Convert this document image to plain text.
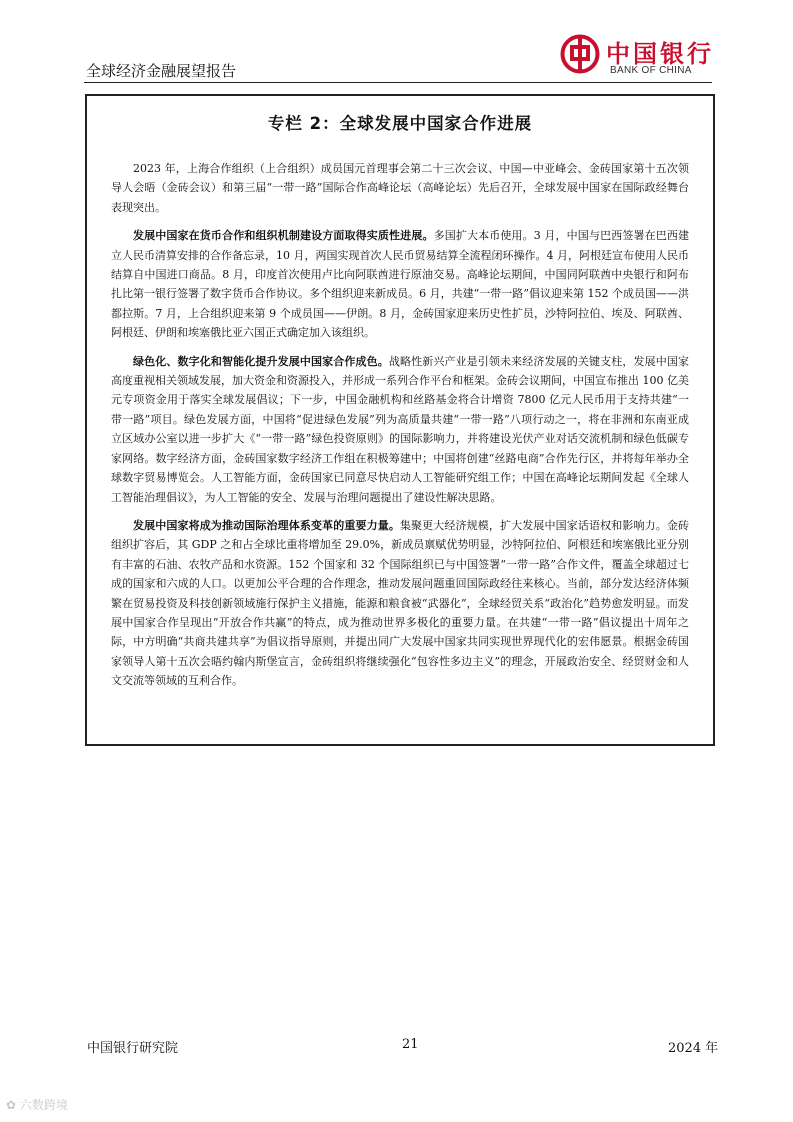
全球经济金融展望报告
中国银行
BANK OF CHINA
专栏 2：全球发展中国家合作进展

2023 年，上海合作组织（上合组织）成员国元首理事会第二十三次会议、中国—中亚峰会、金砖国家第十五次领导人会晤（金砖会议）和第三届“一带一路”国际合作高峰论坛（高峰论坛）先后召开，全球发展中国家在国际政经舞台表现突出。

发展中国家在货币合作和组织机制建设方面取得实质性进展。多国扩大本币使用。3 月，中国与巴西签署在巴西建立人民币清算安排的合作备忘录，10 月，两国实现首次人民币贸易结算全流程闭环操作。4 月，阿根廷宣布使用人民币结算自中国进口商品。8 月，印度首次使用卢比向阿联酋进行原油交易。高峰论坛期间，中国同阿联酋中央银行和阿布扎比第一银行签署了数字货币合作协议。多个组织迎来新成员。6 月，共建“一带一路”倡议迎来第 152 个成员国——洪都拉斯。7 月，上合组织迎来第 9 个成员国——伊朗。8 月，金砖国家迎来历史性扩员，沙特阿拉伯、埃及、阿联酋、阿根廷、伊朗和埃塞俄比亚六国正式确定加入该组织。

绿色化、数字化和智能化提升发展中国家合作成色。战略性新兴产业是引领未来经济发展的关键支柱，发展中国家高度重视相关领域发展，加大资金和资源投入，并形成一系列合作平台和框架。金砖会议期间，中国宣布推出 100 亿美元专项资金用于落实全球发展倡议；下一步，中国金融机构和丝路基金将合计增资 7800 亿元人民币用于支持共建“一带一路”项目。绿色发展方面，中国将“促进绿色发展”列为高质量共建“一带一路”八项行动之一，将在非洲和东南亚成立区域办公室以进一步扩大《“一带一路”绿色投资原则》的国际影响力，并将建设光伏产业对话交流机制和绿色低碳专家网络。数字经济方面，金砖国家数字经济工作组在积极筹建中；中国将创建“丝路电商”合作先行区，并将每年举办全球数字贸易博览会。人工智能方面，金砖国家已同意尽快启动人工智能研究组工作；中国在高峰论坛期间发起《全球人工智能治理倡议》，为人工智能的安全、发展与治理问题提出了建设性解决思路。

发展中国家将成为推动国际治理体系变革的重要力量。集聚更大经济规模，扩大发展中国家话语权和影响力。金砖组织扩容后，其 GDP 之和占全球比重将增加至 29.0%，新成员禀赋优势明显，沙特阿拉伯、阿根廷和埃塞俄比亚分别有丰富的石油、农牧产品和水资源。152 个国家和 32 个国际组织已与中国签署“一带一路”合作文件，覆盖全球超过七成的国家和六成的人口。以更加公平合理的合作理念，推动发展问题重回国际政经往来核心。当前，部分发达经济体频繁在贸易投资及科技创新领域施行保护主义措施，能源和粮食被“武器化”，全球经贸关系“政治化”趋势愈发明显。而发展中国家合作呈现出“开放合作共赢”的特点，成为推动世界多极化的重要力量。在共建“一带一路”倡议提出十周年之际，中方明确“共商共建共享”为倡议指导原则，并提出同广大发展中国家共同实现世界现代化的宏伟愿景。根据金砖国家领导人第十五次会晤约翰内斯堡宣言，金砖组织将继续强化“包容性多边主义”的理念，开展政治安全、经贸财金和人文交流等领域的互利合作。

中国银行研究院	21	2024 年
✿ 六数跨境
